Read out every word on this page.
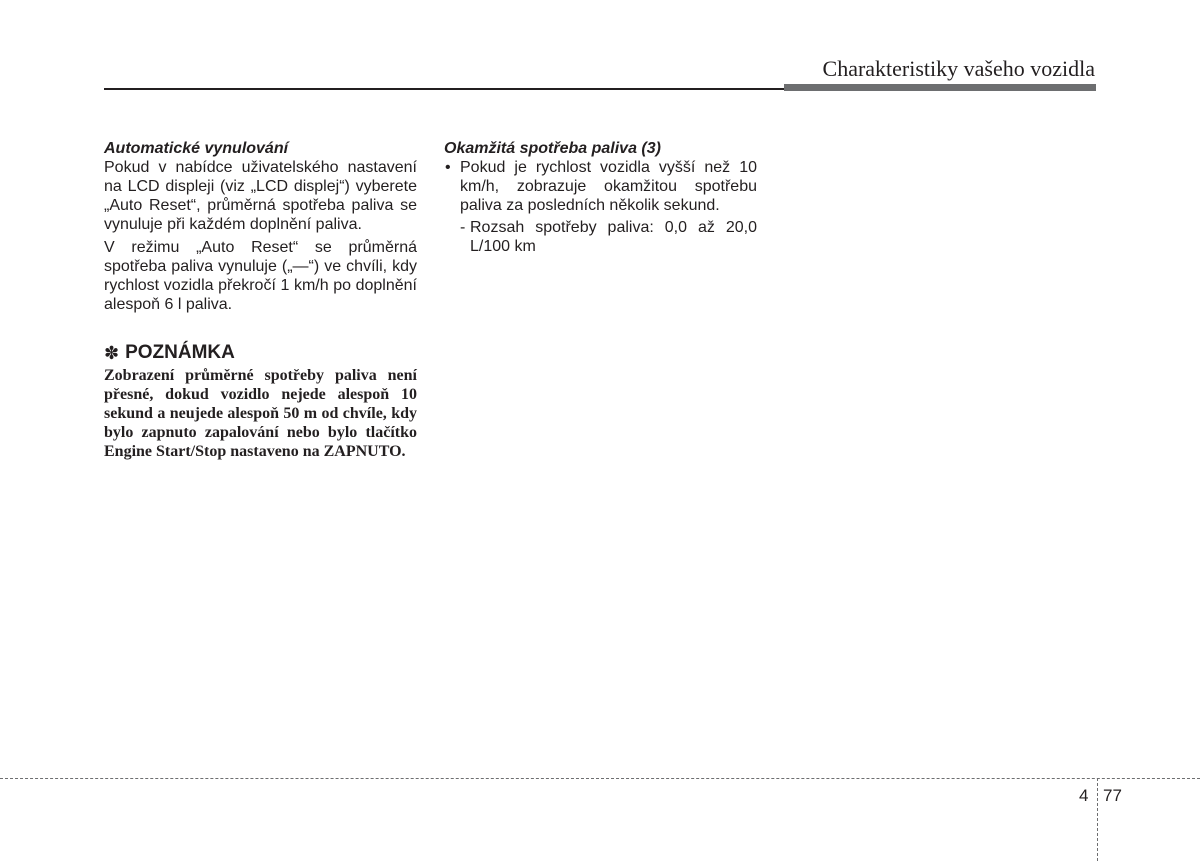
Charakteristiky vašeho vozidla
Automatické vynulování

Pokud v nabídce uživatelského nastavení na LCD displeji (viz „LCD displej“) vyberete „Auto Reset“, průměrná spotřeba paliva se vynuluje při každém doplnění paliva.

V režimu „Auto Reset“ se průměrná spotřeba paliva vynuluje („—“) ve chvíli, kdy rychlost vozidla překročí 1 km/h po doplnění alespoň 6 l paliva.

✽ POZNÁMKA
Zobrazení průměrné spotřeby paliva není přesné, dokud vozidlo nejede alespoň 10 sekund a neujede alespoň 50 m od chvíle, kdy bylo zapnuto zapalování nebo bylo tlačítko Engine Start/Stop nastaveno na ZAPNUTO.
Okamžitá spotřeba paliva (3)
• Pokud je rychlost vozidla vyšší než 10 km/h, zobrazuje okamžitou spotřebu paliva za posledních několik sekund.
- Rozsah spotřeby paliva: 0,0 až 20,0 L/100 km
4 77
